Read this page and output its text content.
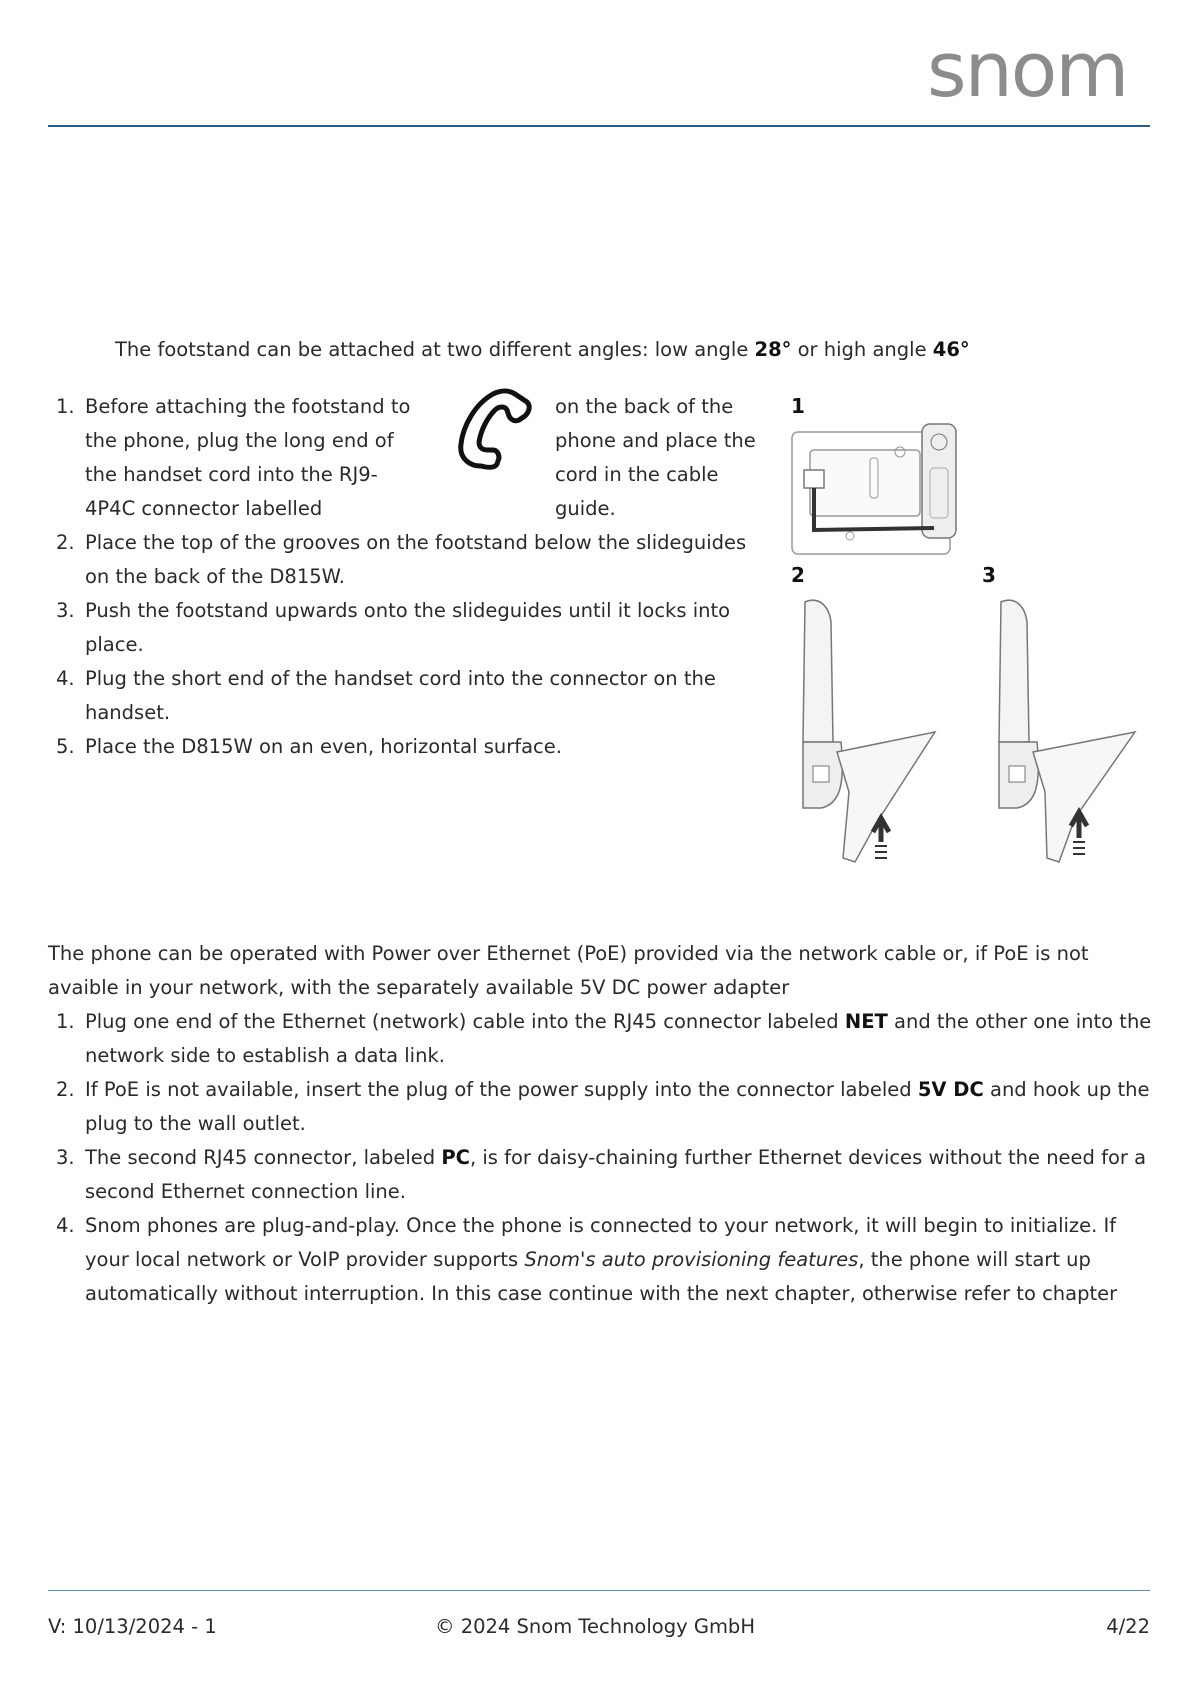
snom

The footstand can be attached at two different angles: low angle 28° or high angle 46°

1. Before attaching the footstand to the phone, plug the long end of the handset cord into the RJ9-4P4C connector labelled
on the back of the phone and place the cord in the cable guide.
2. Place the top of the grooves on the footstand below the slideguides on the back of the D815W.
3. Push the footstand upwards onto the slideguides until it locks into place.
4. Plug the short end of the handset cord into the connector on the handset.
5. Place the D815W on an even, horizontal surface.
1
2	3

The phone can be operated with Power over Ethernet (PoE) provided via the network cable or, if PoE is not avaible in your network, with the separately available 5V DC power adapter

1. Plug one end of the Ethernet (network) cable into the RJ45 connector labeled NET and the other one into the network side to establish a data link.
2. If PoE is not available, insert the plug of the power supply into the connector labeled 5V DC and hook up the plug to the wall outlet.
3. The second RJ45 connector, labeled PC, is for daisy-chaining further Ethernet devices without the need for a second Ethernet connection line.
4. Snom phones are plug-and-play. Once the phone is connected to your network, it will begin to initialize. If your local network or VoIP provider supports Snom's auto provisioning features, the phone will start up automatically without interruption. In this case continue with the next chapter, otherwise refer to chapter
V: 10/13/2024 - 1	© 2024 Snom Technology GmbH	4/22
